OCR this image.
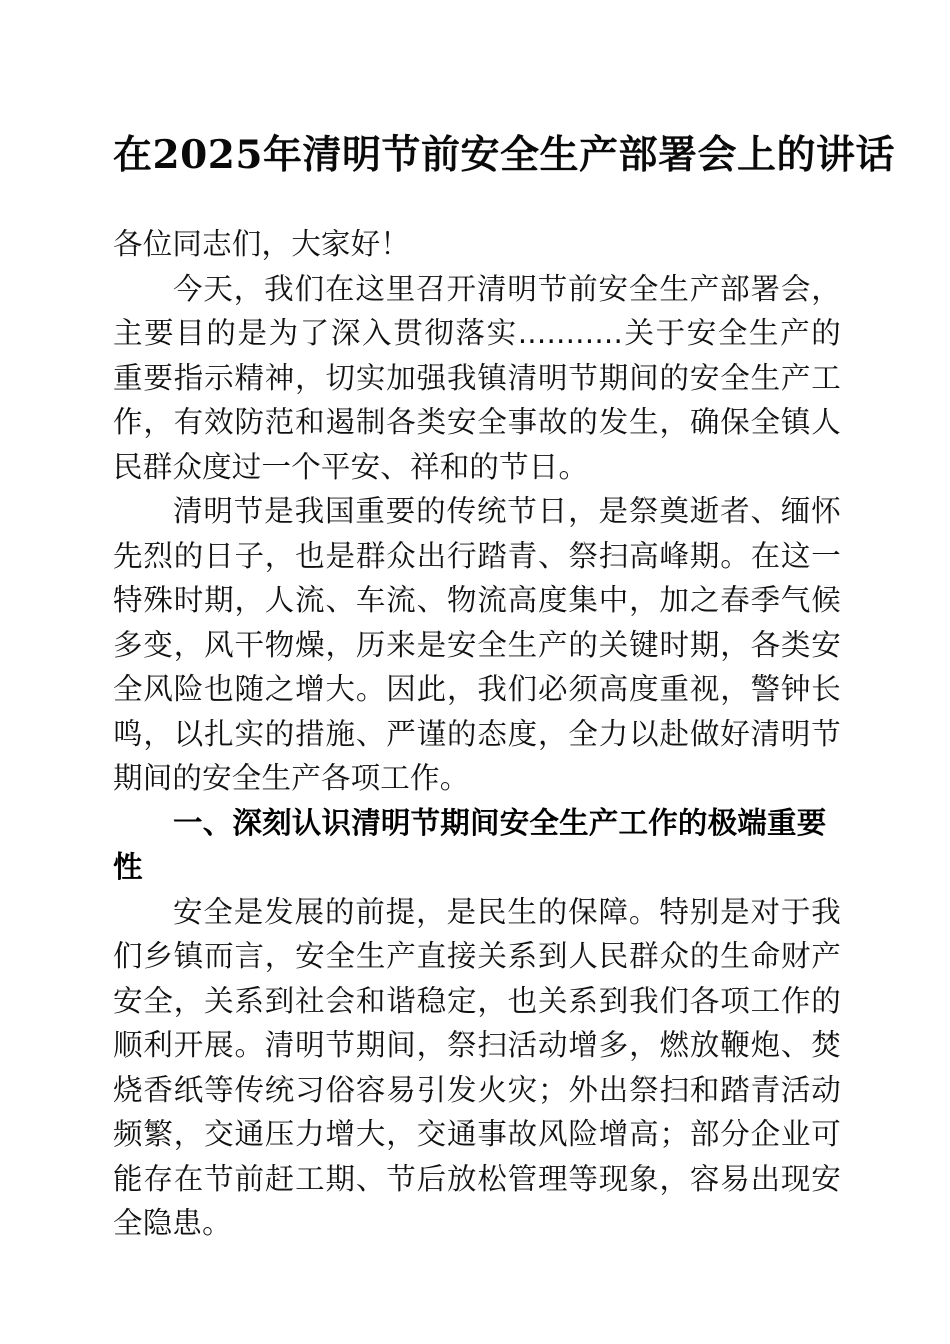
在2025年清明节前安全生产部署会上的讲话

各位同志们，大家好！

今天，我们在这里召开清明节前安全生产部署会，主要目的是为了深入贯彻落实...........关于安全生产的重要指示精神，切实加强我镇清明节期间的安全生产工作，有效防范和遏制各类安全事故的发生，确保全镇人民群众度过一个平安、祥和的节日。

清明节是我国重要的传统节日，是祭奠逝者、缅怀先烈的日子，也是群众出行踏青、祭扫高峰期。在这一特殊时期，人流、车流、物流高度集中，加之春季气候多变，风干物燥，历来是安全生产的关键时期，各类安全风险也随之增大。因此，我们必须高度重视，警钟长鸣，以扎实的措施、严谨的态度，全力以赴做好清明节期间的安全生产各项工作。

一、深刻认识清明节期间安全生产工作的极端重要性

安全是发展的前提，是民生的保障。特别是对于我们乡镇而言，安全生产直接关系到人民群众的生命财产安全，关系到社会和谐稳定，也关系到我们各项工作的顺利开展。清明节期间，祭扫活动增多，燃放鞭炮、焚烧香纸等传统习俗容易引发火灾；外出祭扫和踏青活动频繁，交通压力增大，交通事故风险增高；部分企业可能存在节前赶工期、节后放松管理等现象，容易出现安全隐患。
